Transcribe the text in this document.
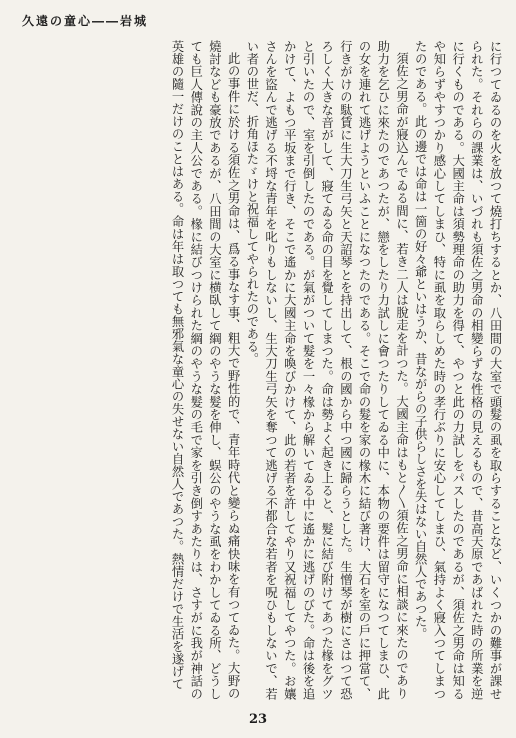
久遠の童心――岩城

に行つてゐるのを火を放つて燒打ちするとか、八田間の大室で頭髮の虱を取らすることなど、いくつかの難事が課せられた。それらの課業は、いづれも須佐之男命の相變らずな性格の見えるもので、昔高天原であばれた時の所業を逆に行くものである。大國主命は須勢理命の助力を得て、やつと此の力試しをパスしたのであるが、須佐之男命は知るや知らずやすつかり感心してしまひ、特に虱を取らしめた時の孝行ぶりに安心してしまひ、氣持よく寢入つてしまつたのである。此の邊では命は一箇の好々爺といはうか、昔ながらの子供らしさを失はない自然人であつた。

須佐之男命が寢込んでゐる間に、若き二人は脫走を計つた。大國主命はもと〳〵須佐之男命に相談に來たのであり助力を乞ひに來たのであつたが、戀をしたり力試しに會つたりしてゐる中に、本物の要件は留守になつてしまひ、此の女を連れて逃げようといふことになつたのである。そこで命の髮を家の椽木に結び著け、大石を室の戶に押當て、行きがけの駄賃に生大刀生弓矢と天詔琴とを持出して、根の國から中つ國に歸らうとした。生憎琴が樹にさはつて恐ろしく大きな音がして、寢てゐる命の目を覺してしまつた。命は勢よく起き上ると、髮に結び附けてあつた椽をグツと引いたので、室を引倒したのである。が氣がついて髮を一々椽から解いてゐる中に遙かに逃げのびた。命は後を追かけて、よもつ平坂まで行き、そこで遙かに大國主命を喚びかけて、此の若者を許してやり又祝福してやつた。お孃さんを盜んで逃げる不埒な青年を叱りもしないし、生大刀生弓矢を奪つて逃げる不都合な若者を呪ひもしないで、若い者の世だ、折角ほたゞけと祝福してやられたのである。

此の事件に於ける須佐之男命は、爲る事なす事、粗大で野性的で、青年時代と變らぬ痛快味を有つてゐた。大野の燒討なども豪放であるが、八田間の大室に横臥して綱のやうな髮を伸し、蜈公のやうな虱をわかしてゐる所、どうしても巨人傳說の主人公である。椽に結びつけられた綱のやうな髮の毛で家を引き倒すあたりは、さすがに我が神話の英雄の隨一だけのことはある。命は年は取つても無邪氣な童心の失せない自然人であつた。熱情だけで生活を遂げて

23
